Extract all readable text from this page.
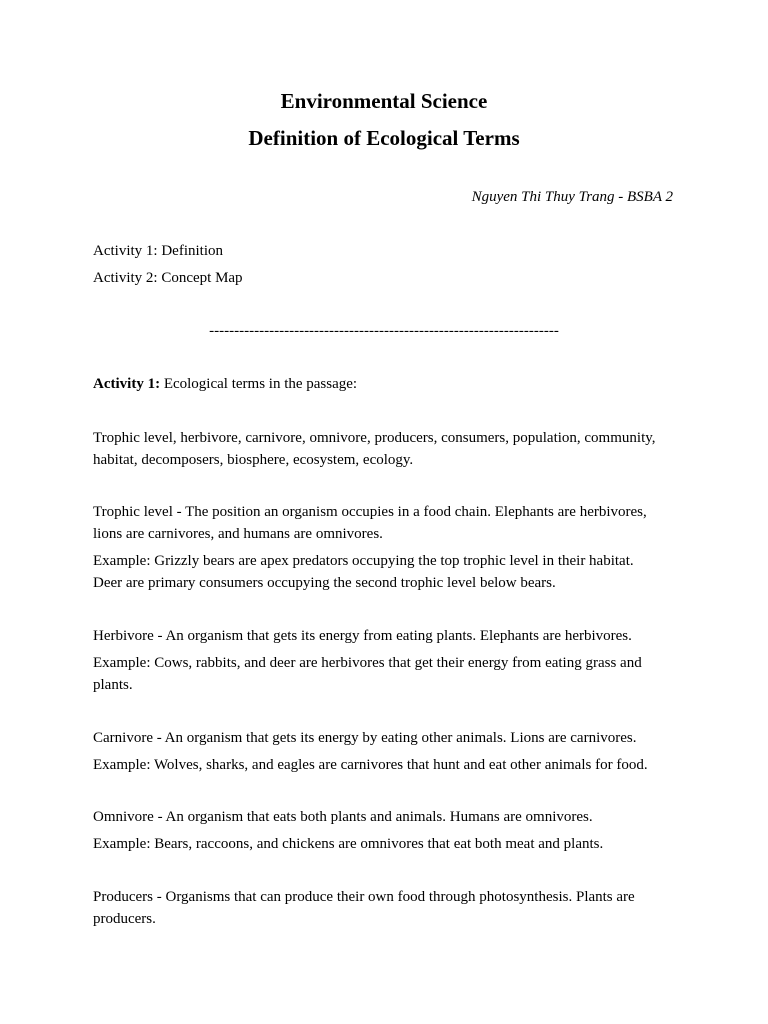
Environmental Science
Definition of Ecological Terms
Nguyen Thi Thuy Trang - BSBA 2
Activity 1: Definition
Activity 2: Concept Map
----------------------------------------------------------------------
Activity 1: Ecological terms in the passage:
Trophic level, herbivore, carnivore, omnivore, producers, consumers, population, community,
habitat, decomposers, biosphere, ecosystem, ecology.
Trophic level - The position an organism occupies in a food chain. Elephants are herbivores,
lions are carnivores, and humans are omnivores.
Example: Grizzly bears are apex predators occupying the top trophic level in their habitat.
Deer are primary consumers occupying the second trophic level below bears.
Herbivore - An organism that gets its energy from eating plants. Elephants are herbivores.
Example: Cows, rabbits, and deer are herbivores that get their energy from eating grass and
plants.
Carnivore - An organism that gets its energy by eating other animals. Lions are carnivores.
Example: Wolves, sharks, and eagles are carnivores that hunt and eat other animals for food.
Omnivore - An organism that eats both plants and animals. Humans are omnivores.
Example: Bears, raccoons, and chickens are omnivores that eat both meat and plants.
Producers - Organisms that can produce their own food through photosynthesis. Plants are
producers.
